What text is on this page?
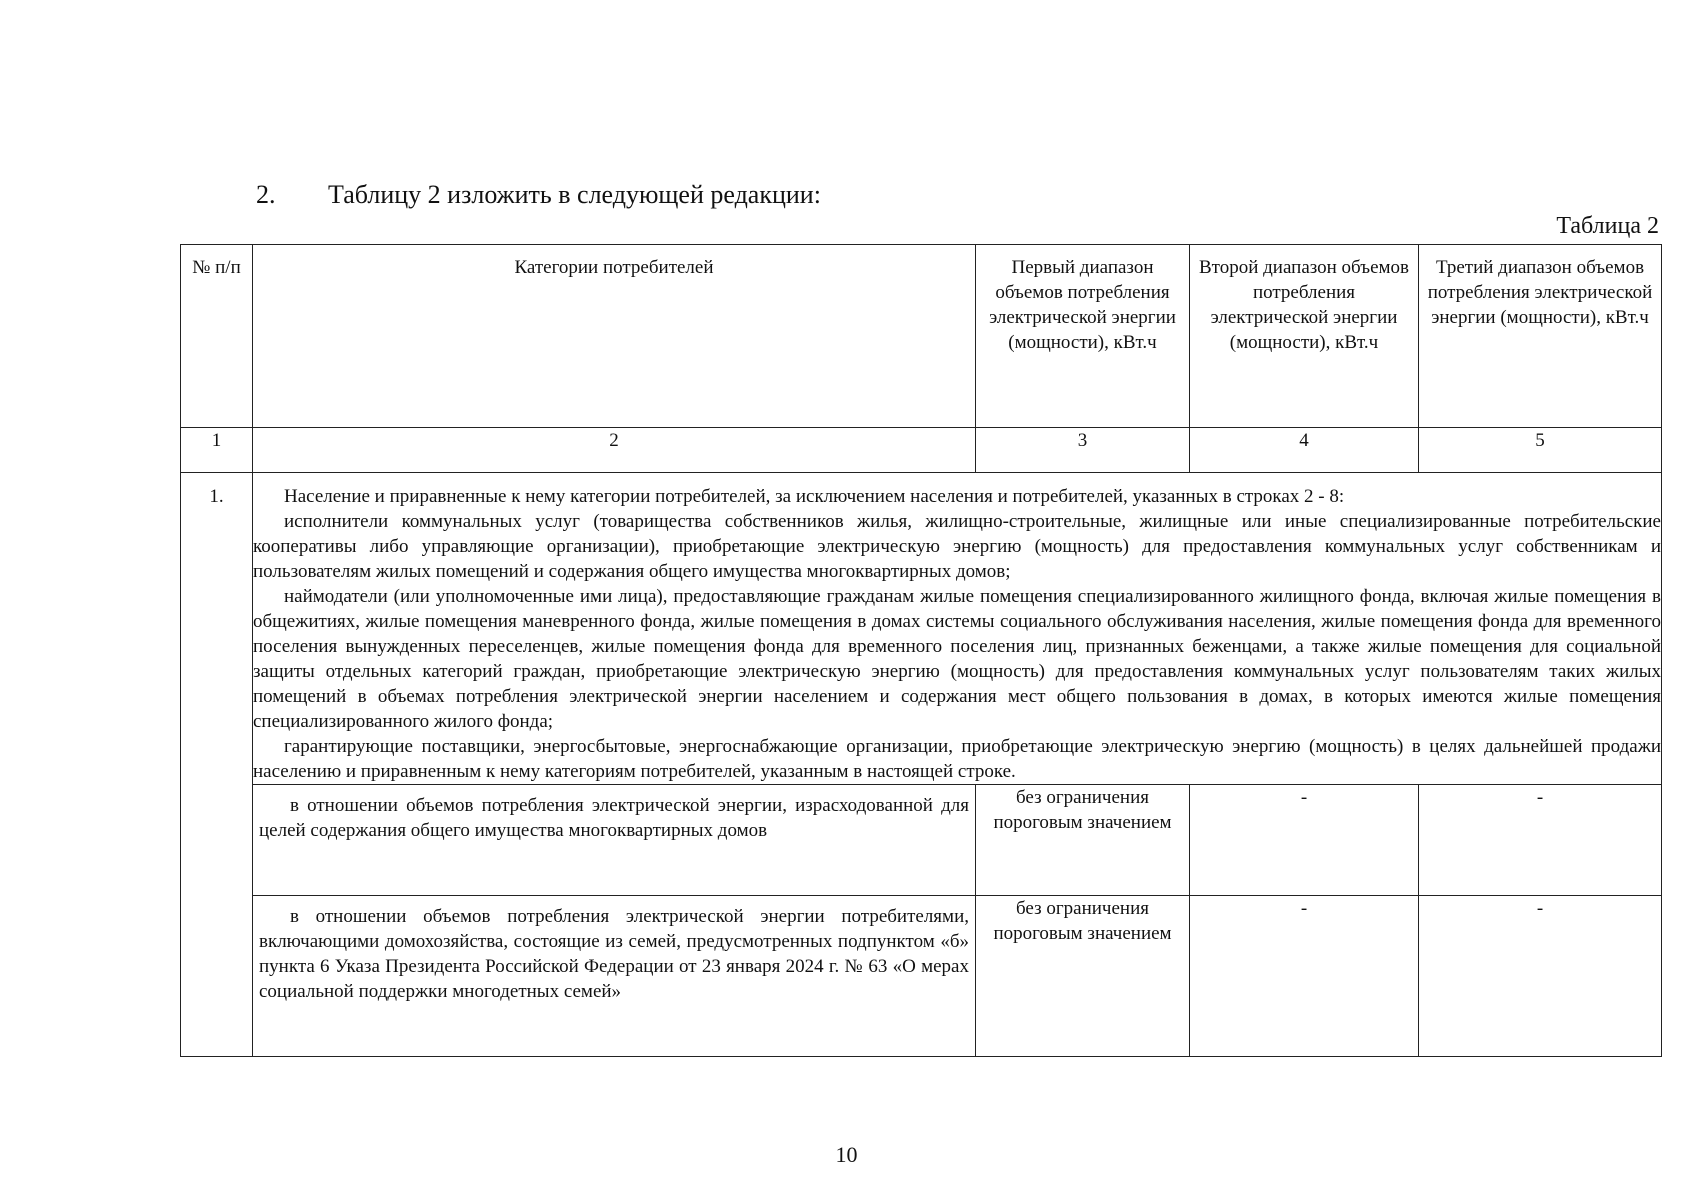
2. Таблицу 2 изложить в следующей редакции:
Таблица 2
№ п/п	Категории потребителей	Первый диапазон объемов потребления электрической энергии (мощности), кВт.ч	Второй диапазон объемов потребления электрической энергии (мощности), кВт.ч	Третий диапазон объемов потребления электрической энергии (мощности), кВт.ч

1	2	3	4	5
1.	Население и приравненные к нему категории потребителей, за исключением населения и потребителей, указанных в строках 2 - 8:

исполнители коммунальных услуг (товарищества собственников жилья, жилищно-строительные, жилищные или иные специализированные потребительские кооперативы либо управляющие организации), приобретающие электрическую энергию (мощность) для предоставления коммунальных услуг собственникам и пользователям жилых помещений и содержания общего имущества многоквартирных домов;

наймодатели (или уполномоченные ими лица), предоставляющие гражданам жилые помещения специализированного жилищного фонда, включая жилые помещения в общежитиях, жилые помещения маневренного фонда, жилые помещения в домах системы социального обслуживания населения, жилые помещения фонда для временного поселения вынужденных переселенцев, жилые помещения фонда для временного поселения лиц, признанных беженцами, а также жилые помещения для социальной защиты отдельных категорий граждан, приобретающие электрическую энергию (мощность) для предоставления коммунальных услуг пользователям таких жилых помещений в объемах потребления электрической энергии населением и содержания мест общего пользования в домах, в которых имеются жилые помещения специализированного жилого фонда;

гарантирующие поставщики, энергосбытовые, энергоснабжающие организации, приобретающие электрическую энергию (мощность) в целях дальнейшей продажи населению и приравненным к нему категориям потребителей, указанным в настоящей строке.			

	в отношении объемов потребления электрической энергии, израсходованной для целей содержания общего имущества многоквартирных домов	без ограничения пороговым значением	-	-

	в отношении объемов потребления электрической энергии потребителями, включающими домохозяйства, состоящие из семей, предусмотренных подпунктом «б» пункта 6 Указа Президента Российской Федерации от 23 января 2024 г. № 63 «О мерах социальной поддержки многодетных семей»	без ограничения пороговым значением	-	-
10
